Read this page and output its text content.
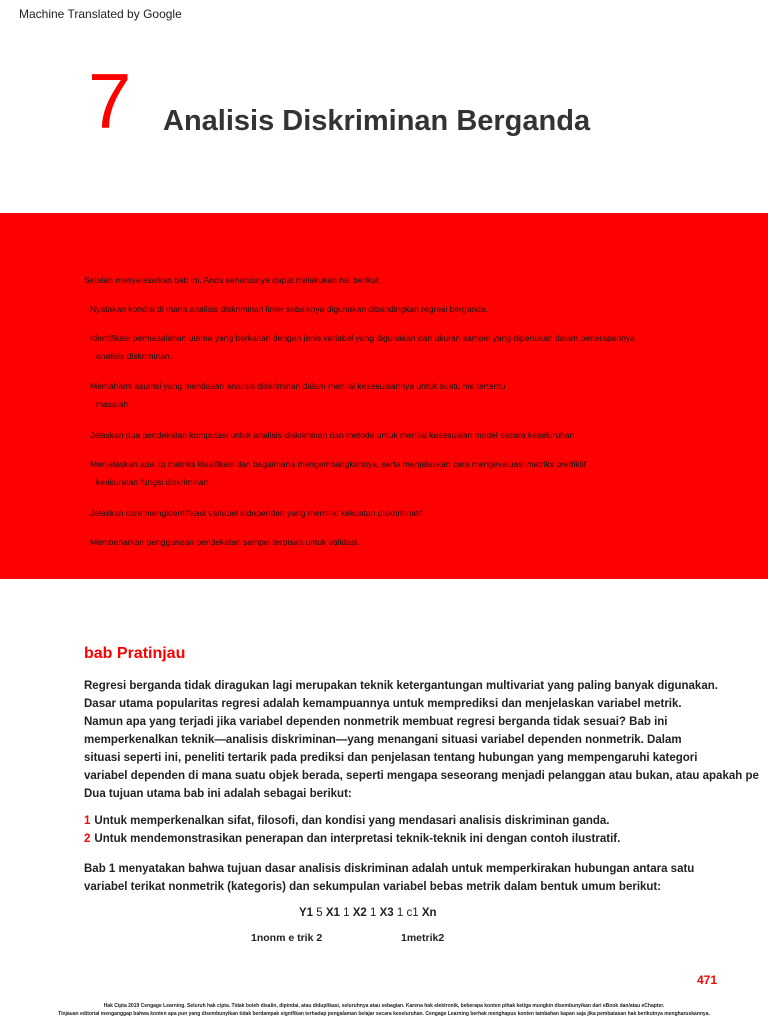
Machine Translated by Google
7 Analisis Diskriminan Berganda
Setelah menyelesaikan bab ini, Anda seharusnya dapat melakukan hal berikut:
Nyatakan kondisi di mana analisis diskriminan linier sebaiknya digunakan dibandingkan regresi berganda.
Identifikasi permasalahan utama yang berkaitan dengan jenis variabel yang digunakan dan ukuran sampel yang diperlukan dalam penerapannya
analisis diskriminan.
Memahami asumsi yang mendasari analisis diskriminan dalam menilai kesesuaiannya untuk suatu hal tertentu
masalah.
Jelaskan dua pendekatan komputasi untuk analisis diskriminan dan metode untuk menilai kesesuaian model secara keseluruhan.
Menjelaskan apa itu matriks klasifikasi dan bagaimana mengembangkannya, serta menjelaskan cara mengevaluasi matriks prediktif
keakuratan fungsi diskriminan.
Jelaskan cara mengidentifikasi variabel independen yang memiliki kekuatan diskriminatif.
Membenarkan penggunaan pendekatan sampel terpisah untuk validasi.
bab Pratinjau
Regresi berganda tidak diragukan lagi merupakan teknik ketergantungan multivariat yang paling banyak digunakan.
Dasar utama popularitas regresi adalah kemampuannya untuk memprediksi dan menjelaskan variabel metrik.
Namun apa yang terjadi jika variabel dependen nonmetrik membuat regresi berganda tidak sesuai? Bab ini
memperkenalkan teknik—analisis diskriminan—yang menangani situasi variabel dependen nonmetrik. Dalam
situasi seperti ini, peneliti tertarik pada prediksi dan penjelasan tentang hubungan yang mempengaruhi kategori
variabel dependen di mana suatu objek berada, seperti mengapa seseorang menjadi pelanggan atau bukan, atau apakah pe
Dua tujuan utama bab ini adalah sebagai berikut:
1 Untuk memperkenalkan sifat, filosofi, dan kondisi yang mendasari analisis diskriminan ganda.
2 Untuk mendemonstrasikan penerapan dan interpretasi teknik-teknik ini dengan contoh ilustratif.
Bab 1 menyatakan bahwa tujuan dasar analisis diskriminan adalah untuk memperkirakan hubungan antara satu
variabel terikat nonmetrik (kategoris) dan sekumpulan variabel bebas metrik dalam bentuk umum berikut:
Y1 5 X1 1 X2 1 X3 1 c1 Xn
1nonm e trik 2	1metrik2
471
Hak Cipta 2019 Cengage Learning. Seluruh hak cipta. Tidak boleh disalin, dipindai, atau diduplikasi, seluruhnya atau sebagian. Karena hak elektronik, beberapa konten pihak ketiga mungkin disembunyikan dari eBook dan/atau eChapter.
Tinjauan editorial menganggap bahwa konten apa pun yang disembunyikan tidak berdampak signifikan terhadap pengalaman belajar secara keseluruhan. Cengage Learning berhak menghapus konten tambahan kapan saja jika pembatasan hak berikutnya mengharuskannya.
